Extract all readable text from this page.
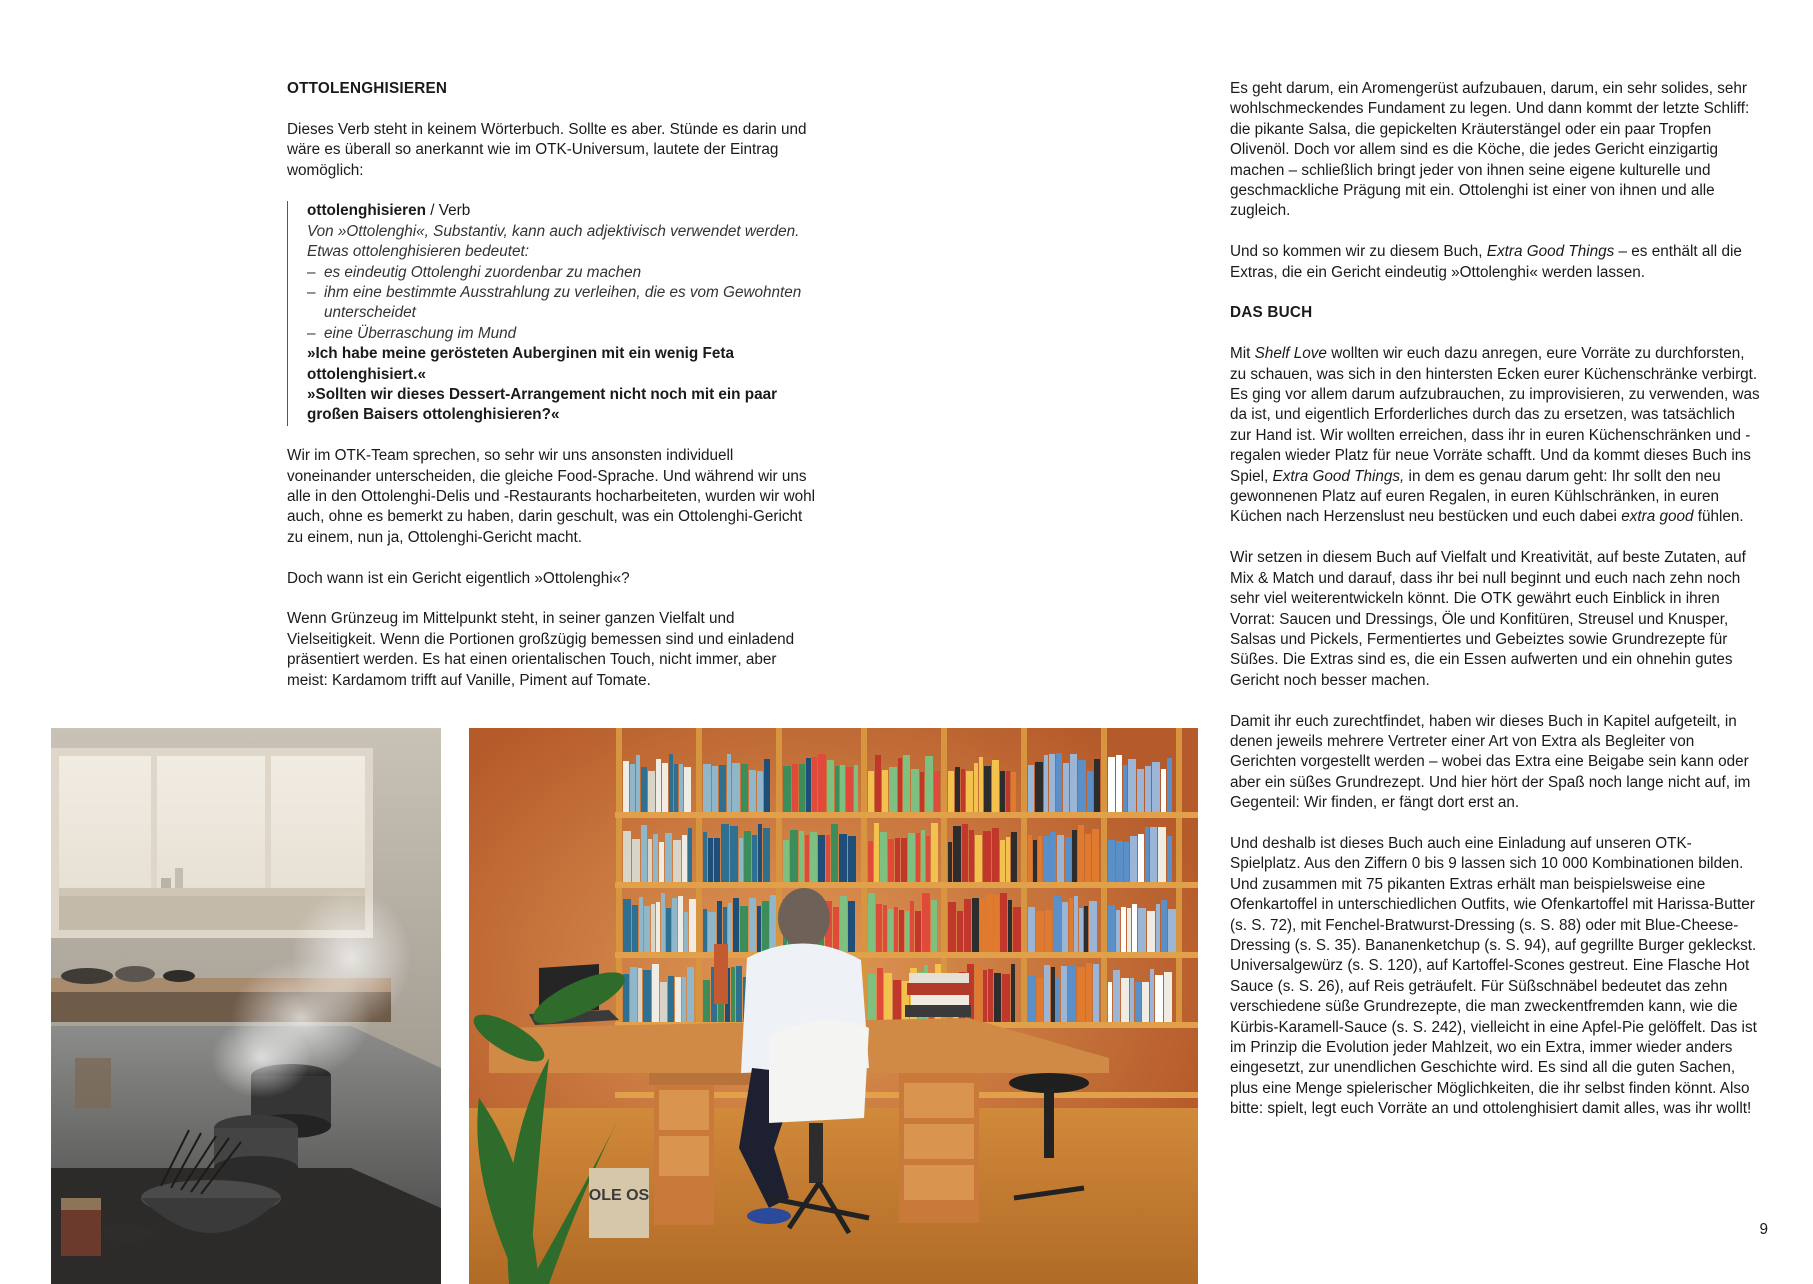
OTTOLENGHISIEREN

Dieses Verb steht in keinem Wörterbuch. Sollte es aber. Stünde es darin und wäre es überall so anerkannt wie im OTK-Universum, lautete der Eintrag womöglich:

ottolenghisieren / Verb

Von »Ottolenghi«, Substantiv, kann auch adjektivisch verwendet werden. Etwas ottolenghisieren bedeutet:

– es eindeutig Ottolenghi zuordenbar zu machen
– ihm eine bestimmte Ausstrahlung zu verleihen, die es vom Gewohnten unterscheidet
– eine Überraschung im Mund

»Ich habe meine gerösteten Auberginen mit ein wenig Feta ottolenghisiert.«

»Sollten wir dieses Dessert-Arrangement nicht noch mit ein paar großen Baisers ottolenghisieren?«

Wir im OTK-Team sprechen, so sehr wir uns ansonsten individuell voneinander unterscheiden, die gleiche Food-Sprache. Und während wir uns alle in den Ottolenghi-Delis und -Restaurants hocharbeiteten, wurden wir wohl auch, ohne es bemerkt zu haben, darin geschult, was ein Ottolenghi-Gericht zu einem, nun ja, Ottolenghi-Gericht macht.

Doch wann ist ein Gericht eigentlich »Ottolenghi«?

Wenn Grünzeug im Mittelpunkt steht, in seiner ganzen Vielfalt und Vielseitigkeit. Wenn die Portionen großzügig bemessen sind und einladend präsentiert werden. Es hat einen orientalischen Touch, nicht immer, aber meist: Kardamom trifft auf Vanille, Piment auf Tomate.

Es geht darum, ein Aromengerüst aufzubauen, darum, ein sehr solides, sehr wohlschmeckendes Fundament zu legen. Und dann kommt der letzte Schliff: die pikante Salsa, die gepickelten Kräuterstängel oder ein paar Tropfen Olivenöl. Doch vor allem sind es die Köche, die jedes Gericht einzigartig machen – schließlich bringt jeder von ihnen seine eigene kulturelle und geschmackliche Prägung mit ein. Ottolenghi ist einer von ihnen und alle zugleich.

Und so kommen wir zu diesem Buch, Extra Good Things – es enthält all die Extras, die ein Gericht eindeutig »Ottolenghi« werden lassen.

DAS BUCH

Mit Shelf Love wollten wir euch dazu anregen, eure Vorräte zu durchforsten, zu schauen, was sich in den hintersten Ecken eurer Küchenschränke verbirgt. Es ging vor allem darum aufzubrauchen, zu improvisieren, zu verwenden, was da ist, und eigentlich Erforderliches durch das zu ersetzen, was tatsächlich zur Hand ist. Wir wollten erreichen, dass ihr in euren Küchenschränken und -regalen wieder Platz für neue Vorräte schafft. Und da kommt dieses Buch ins Spiel, Extra Good Things, in dem es genau darum geht: Ihr sollt den neu gewonnenen Platz auf euren Regalen, in euren Kühlschränken, in euren Küchen nach Herzenslust neu bestücken und euch dabei extra good fühlen.

Wir setzen in diesem Buch auf Vielfalt und Kreativität, auf beste Zutaten, auf Mix & Match und darauf, dass ihr bei null beginnt und euch nach zehn noch sehr viel weiterentwickeln könnt. Die OTK gewährt euch Einblick in ihren Vorrat: Saucen und Dressings, Öle und Konfitüren, Streusel und Knusper, Salsas und Pickels, Fermentiertes und Gebeiztes sowie Grundrezepte für Süßes. Die Extras sind es, die ein Essen aufwerten und ein ohnehin gutes Gericht noch besser machen.

Damit ihr euch zurechtfindet, haben wir dieses Buch in Kapitel aufgeteilt, in denen jeweils mehrere Vertreter einer Art von Extra als Begleiter von Gerichten vorgestellt werden – wobei das Extra eine Beigabe sein kann oder aber ein süßes Grundrezept. Und hier hört der Spaß noch lange nicht auf, im Gegenteil: Wir finden, er fängt dort erst an.

Und deshalb ist dieses Buch auch eine Einladung auf unseren OTK-Spielplatz. Aus den Ziffern 0 bis 9 lassen sich 10 000 Kombinationen bilden. Und zusammen mit 75 pikanten Extras erhält man beispielsweise eine Ofenkartoffel in unterschiedlichen Outfits, wie Ofenkartoffel mit Harissa-Butter (s. S. 72), mit Fenchel-Bratwurst-Dressing (s. S. 88) oder mit Blue-Cheese-Dressing (s. S. 35). Bananenketchup (s. S. 94), auf gegrillte Burger gekleckst. Universalgewürz (s. S. 120), auf Kartoffel-Scones gestreut. Eine Flasche Hot Sauce (s. S. 26), auf Reis geträufelt. Für Süßschnäbel bedeutet das zehn verschiedene süße Grundrezepte, die man zweckentfremden kann, wie die Kürbis-Karamell-Sauce (s. S. 242), vielleicht in eine Apfel-Pie gelöffelt. Das ist im Prinzip die Evolution jeder Mahlzeit, wo ein Extra, immer wieder anders eingesetzt, zur unendlichen Geschichte wird. Es sind all die guten Sachen, plus eine Menge spielerischer Möglichkeiten, die ihr selbst finden könnt. Also bitte: spielt, legt euch Vorräte an und ottolenghisiert damit alles, was ihr wollt!

OLE OS
9
